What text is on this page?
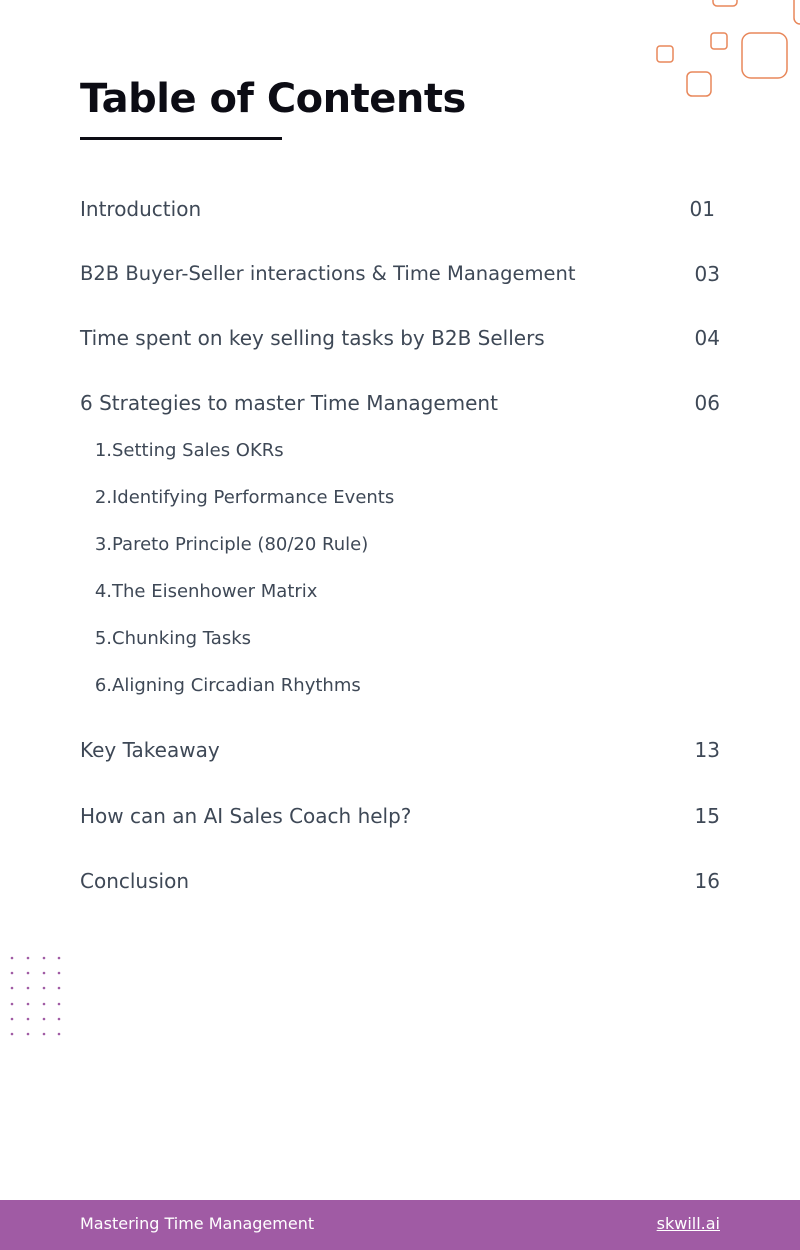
Table of Contents
Introduction	01
B2B Buyer-Seller interactions & Time Management	03
Time spent on key selling tasks by B2B Sellers	04
6 Strategies to master Time Management	06
1.Setting Sales OKRs
2.Identifying Performance Events
3.Pareto Principle (80/20 Rule)
4.The Eisenhower Matrix
5.Chunking Tasks
6.Aligning Circadian Rhythms
Key Takeaway	13
How can an AI Sales Coach help?	15
Conclusion	16
Mastering Time Management	skwill.ai
